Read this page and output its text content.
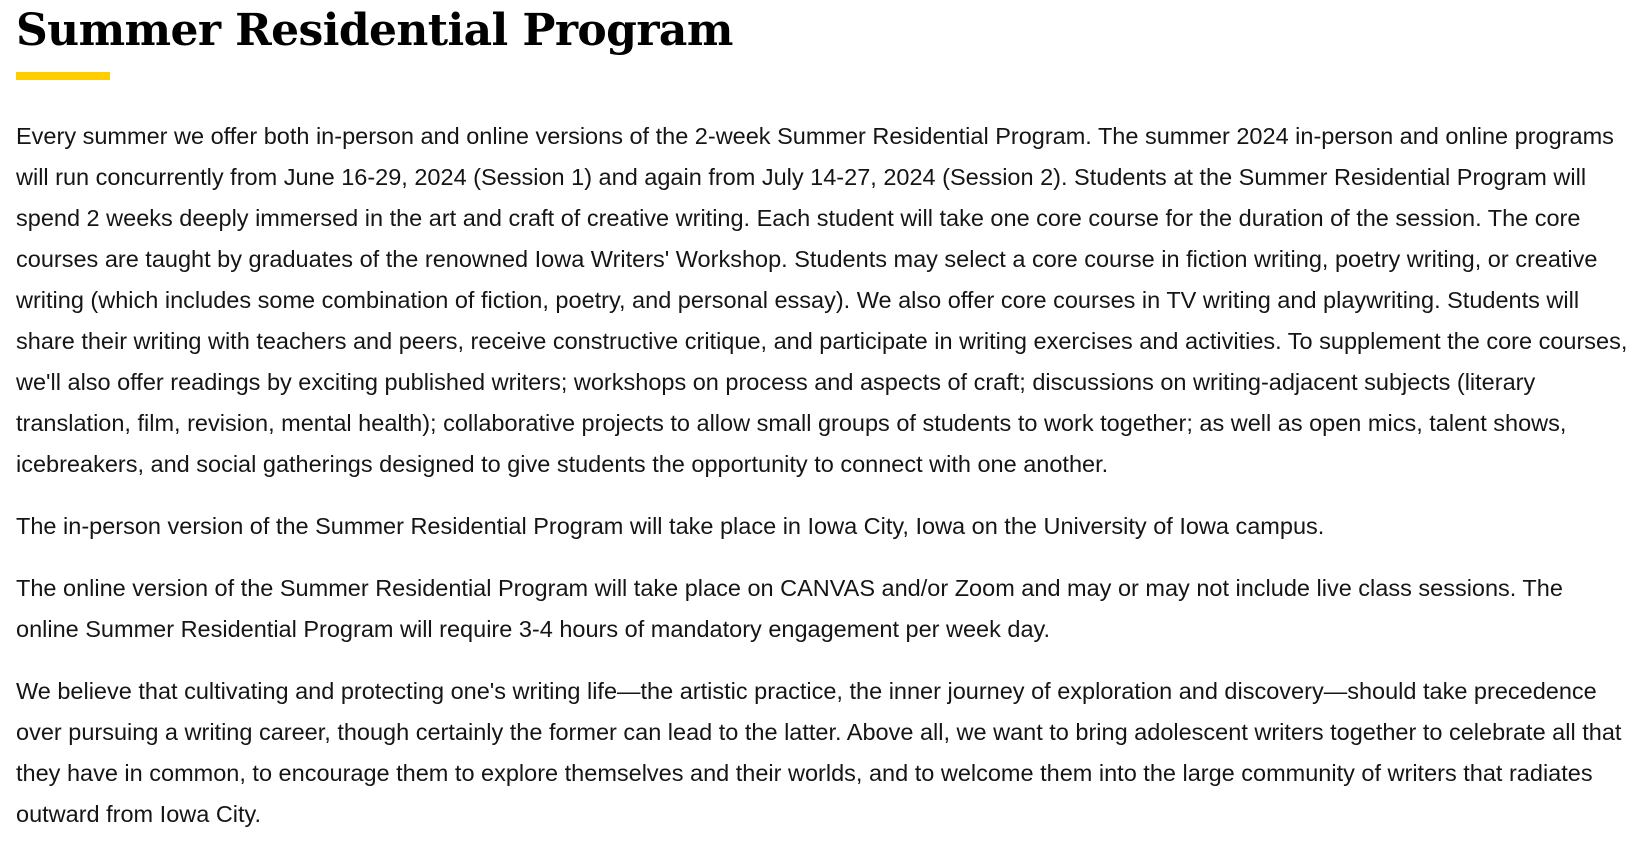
Summer Residential Program

Every summer we offer both in-person and online versions of the 2-week Summer Residential Program. The summer 2024 in-person and online programs will run concurrently from June 16-29, 2024 (Session 1) and again from July 14-27, 2024 (Session 2). Students at the Summer Residential Program will spend 2 weeks deeply immersed in the art and craft of creative writing. Each student will take one core course for the duration of the session. The core courses are taught by graduates of the renowned Iowa Writers' Workshop. Students may select a core course in fiction writing, poetry writing, or creative writing (which includes some combination of fiction, poetry, and personal essay). We also offer core courses in TV writing and playwriting. Students will share their writing with teachers and peers, receive constructive critique, and participate in writing exercises and activities. To supplement the core courses, we'll also offer readings by exciting published writers; workshops on process and aspects of craft; discussions on writing-adjacent subjects (literary translation, film, revision, mental health); collaborative projects to allow small groups of students to work together; as well as open mics, talent shows, icebreakers, and social gatherings designed to give students the opportunity to connect with one another.

The in-person version of the Summer Residential Program will take place in Iowa City, Iowa on the University of Iowa campus.

The online version of the Summer Residential Program will take place on CANVAS and/or Zoom and may or may not include live class sessions. The online Summer Residential Program will require 3-4 hours of mandatory engagement per week day.

We believe that cultivating and protecting one's writing life—the artistic practice, the inner journey of exploration and discovery—should take precedence over pursuing a writing career, though certainly the former can lead to the latter. Above all, we want to bring adolescent writers together to celebrate all that they have in common, to encourage them to explore themselves and their worlds, and to welcome them into the large community of writers that radiates outward from Iowa City.
